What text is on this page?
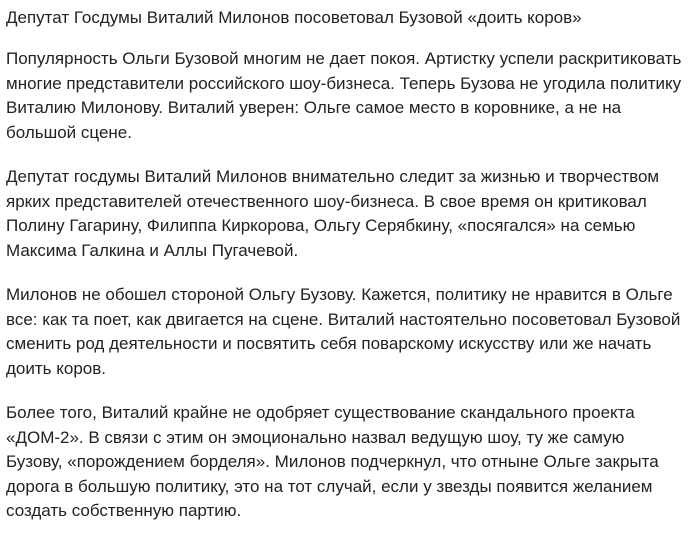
Депутат Госдумы Виталий Милонов посоветовал Бузовой «доить коров»

Популярность Ольги Бузовой многим не дает покоя. Артистку успели раскритиковать многие представители российского шоу-бизнеса. Теперь Бузова не угодила политику Виталию Милонову. Виталий уверен: Ольге самое место в коровнике, а не на большой сцене.

Депутат госдумы Виталий Милонов внимательно следит за жизнью и творчеством ярких представителей отечественного шоу-бизнеса. В свое время он критиковал Полину Гагарину, Филиппа Киркорова, Ольгу Серябкину, «посягался» на семью Максима Галкина и Аллы Пугачевой.

Милонов не обошел стороной Ольгу Бузову. Кажется, политику не нравится в Ольге все: как та поет, как двигается на сцене. Виталий настоятельно посоветовал Бузовой сменить род деятельности и посвятить себя поварскому искусству или же начать доить коров.

Более того, Виталий крайне не одобряет существование скандального проекта «ДОМ-2». В связи с этим он эмоционально назвал ведущую шоу, ту же самую Бузову, «порождением борделя». Милонов подчеркнул, что отныне Ольге закрыта дорога в большую политику, это на тот случай, если у звезды появится желанием создать собственную партию.
